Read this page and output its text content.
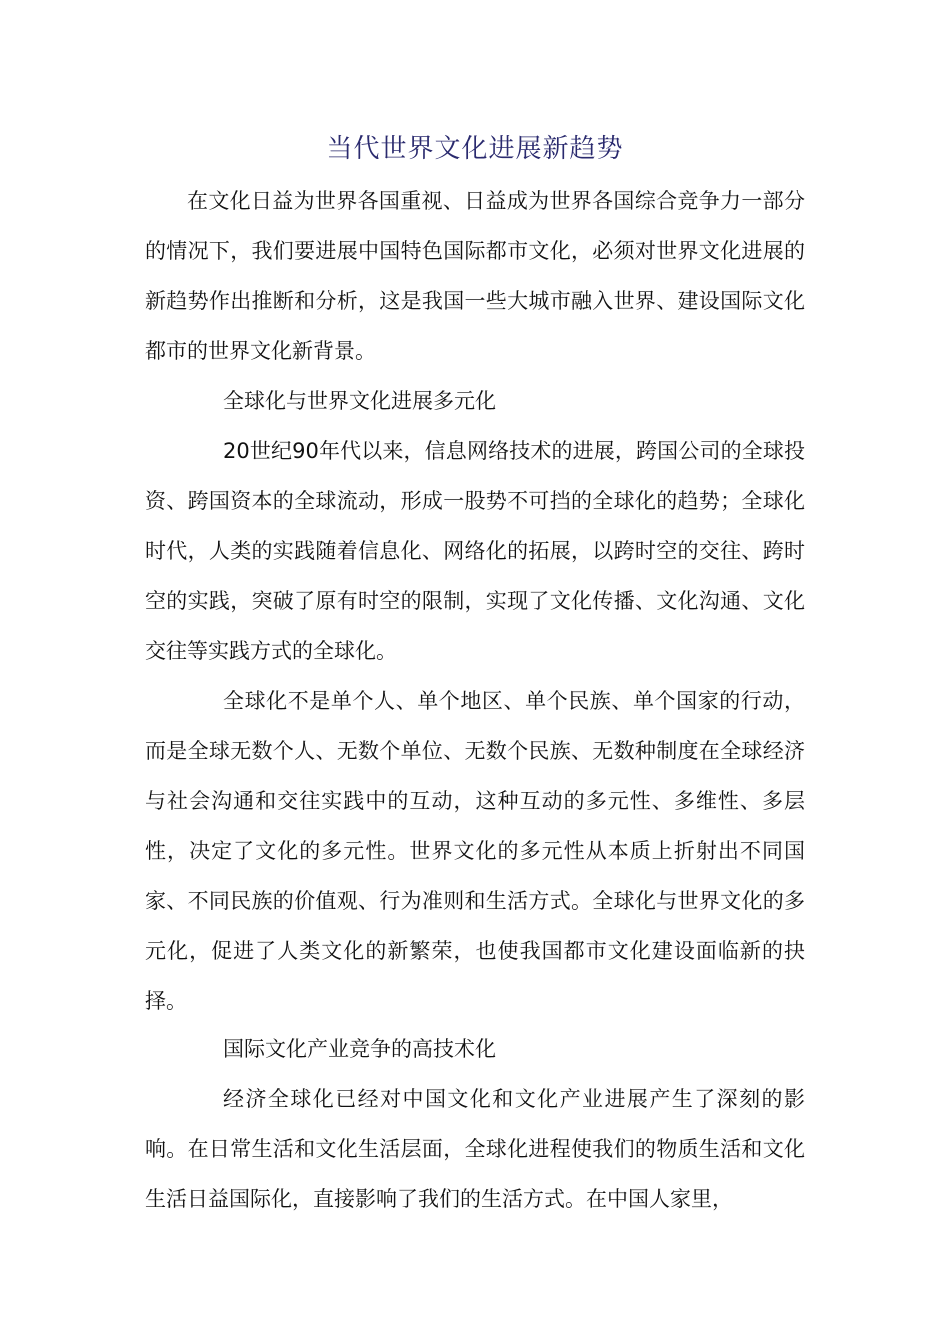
当代世界文化进展新趋势

在文化日益为世界各国重视、日益成为世界各国综合竞争力一部分的情况下，我们要进展中国特色国际都市文化，必须对世界文化进展的新趋势作出推断和分析，这是我国一些大城市融入世界、建设国际文化都市的世界文化新背景。

全球化与世界文化进展多元化

20世纪90年代以来，信息网络技术的进展，跨国公司的全球投资、跨国资本的全球流动，形成一股势不可挡的全球化的趋势；全球化时代，人类的实践随着信息化、网络化的拓展，以跨时空的交往、跨时空的实践，突破了原有时空的限制，实现了文化传播、文化沟通、文化交往等实践方式的全球化。

全球化不是单个人、单个地区、单个民族、单个国家的行动，而是全球无数个人、无数个单位、无数个民族、无数种制度在全球经济与社会沟通和交往实践中的互动，这种互动的多元性、多维性、多层性，决定了文化的多元性。世界文化的多元性从本质上折射出不同国家、不同民族的价值观、行为准则和生活方式。全球化与世界文化的多元化，促进了人类文化的新繁荣，也使我国都市文化建设面临新的抉择。

国际文化产业竞争的高技术化

经济全球化已经对中国文化和文化产业进展产生了深刻的影响。在日常生活和文化生活层面，全球化进程使我们的物质生活和文化生活日益国际化，直接影响了我们的生活方式。在中国人家里，
